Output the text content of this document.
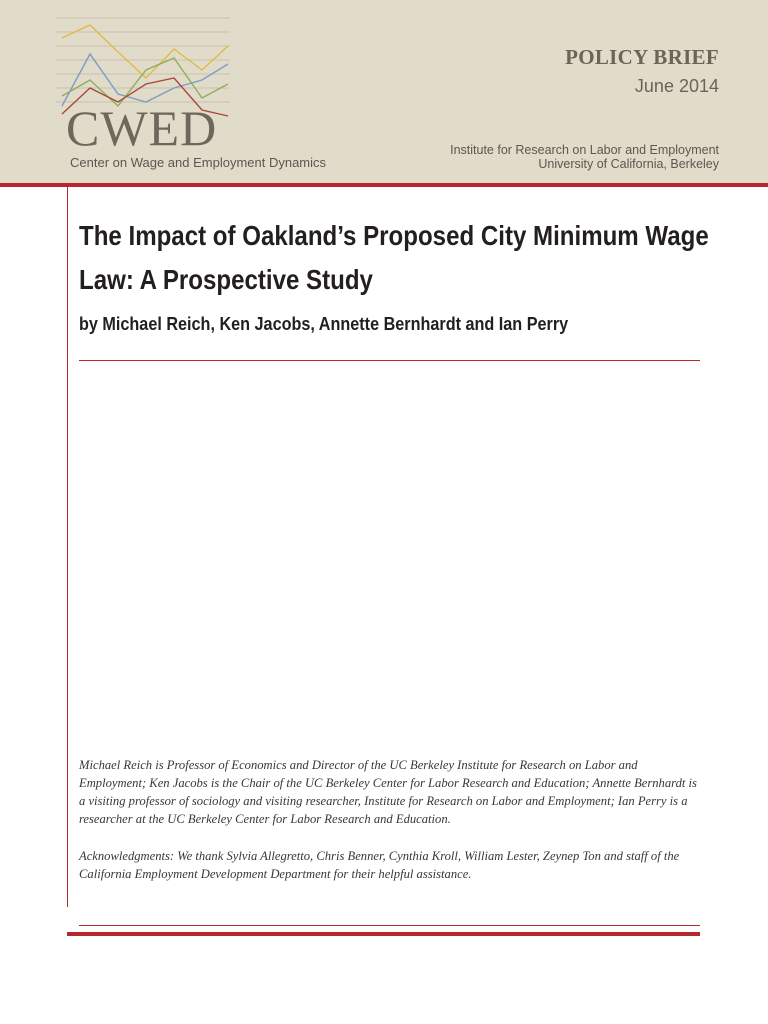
CWED
Center on Wage and Employment Dynamics
POLICY BRIEF
June 2014
Institute for Research on Labor and Employment
University of California, Berkeley
The Impact of Oakland’s Proposed City Minimum Wage Law: A Prospective Study

by Michael Reich, Ken Jacobs, Annette Bernhardt and Ian Perry

Michael Reich is Professor of Economics and Director of the UC Berkeley Institute for Research on Labor and Employment; Ken Jacobs is the Chair of the UC Berkeley Center for Labor Research and Education; Annette Bernhardt is a visiting professor of sociology and visiting researcher, Institute for Research on Labor and Employment; Ian Perry is a researcher at the UC Berkeley Center for Labor Research and Education.

Acknowledgments: We thank Sylvia Allegretto, Chris Benner, Cynthia Kroll, William Lester, Zeynep Ton and staff of the California Employment Development Department for their helpful assistance.
